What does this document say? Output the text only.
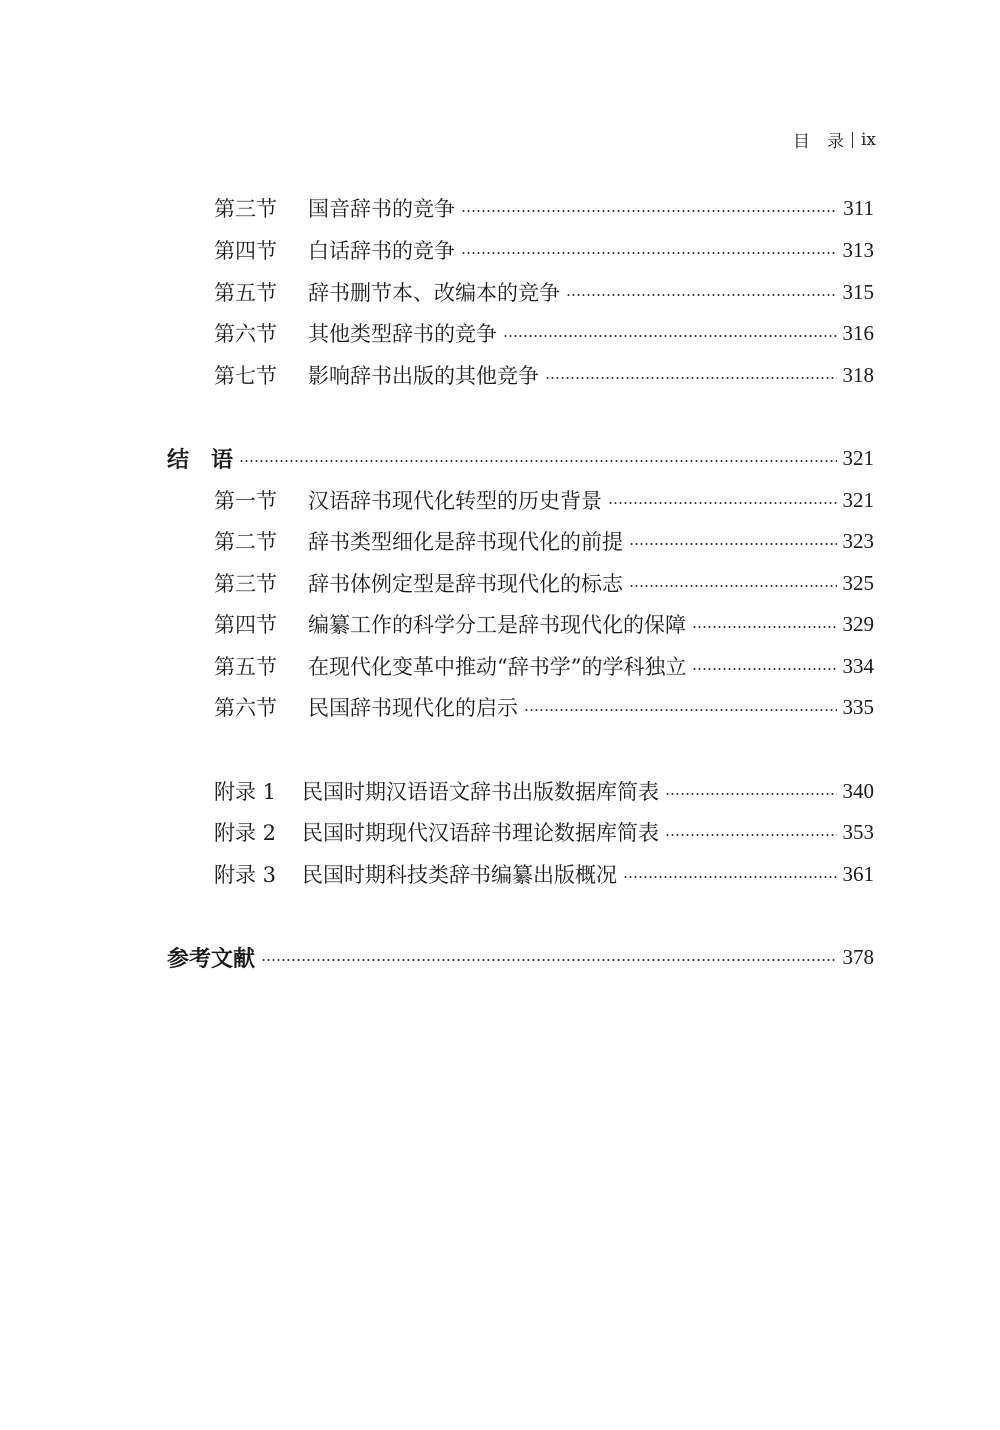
目　录 ix
第三节 国音辞书的竞争	311
第四节 白话辞书的竞争	313
第五节 辞书删节本、改编本的竞争	315
第六节 其他类型辞书的竞争	316
第七节 影响辞书出版的其他竞争	318
结　语	321
第一节 汉语辞书现代化转型的历史背景	321
第二节 辞书类型细化是辞书现代化的前提	323
第三节 辞书体例定型是辞书现代化的标志	325
第四节 编纂工作的科学分工是辞书现代化的保障	329
第五节 在现代化变革中推动“辞书学”的学科独立	334
第六节 民国辞书现代化的启示	335
附录 1 民国时期汉语语文辞书出版数据库简表	340
附录 2 民国时期现代汉语辞书理论数据库简表	353
附录 3 民国时期科技类辞书编纂出版概况	361
参考文献	378
